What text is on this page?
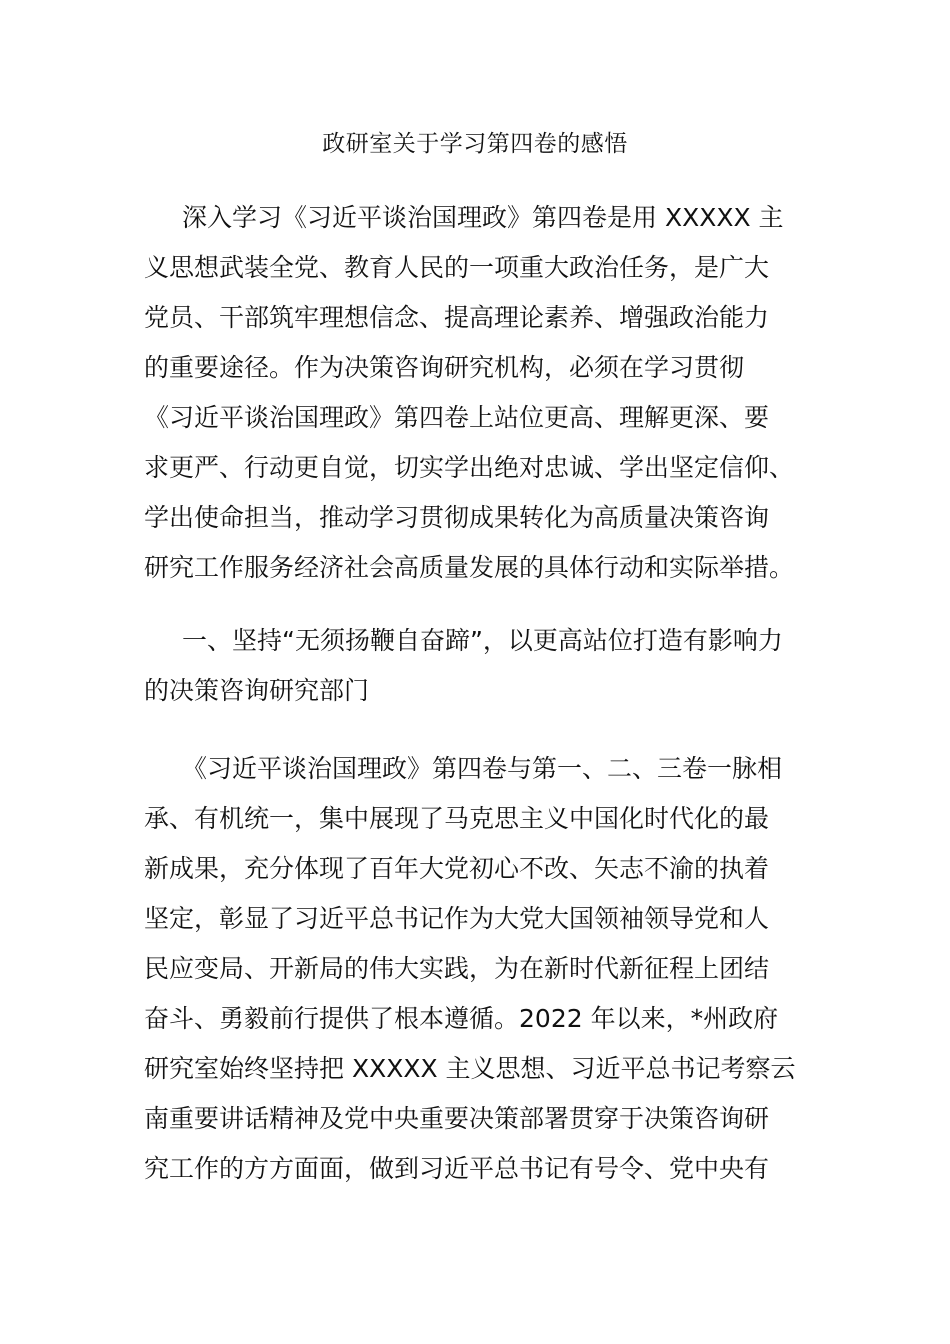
政研室关于学习第四卷的感悟
深入学习《习近平谈治国理政》第四卷是用 XXXXX 主
义思想武装全党、教育人民的一项重大政治任务，是广大
党员、干部筑牢理想信念、提高理论素养、增强政治能力
的重要途径。作为决策咨询研究机构，必须在学习贯彻
《习近平谈治国理政》第四卷上站位更高、理解更深、要
求更严、行动更自觉，切实学出绝对忠诚、学出坚定信仰、
学出使命担当，推动学习贯彻成果转化为高质量决策咨询
研究工作服务经济社会高质量发展的具体行动和实际举措。
一、坚持“无须扬鞭自奋蹄”，以更高站位打造有影响力
的决策咨询研究部门
《习近平谈治国理政》第四卷与第一、二、三卷一脉相
承、有机统一，集中展现了马克思主义中国化时代化的最
新成果，充分体现了百年大党初心不改、矢志不渝的执着
坚定，彰显了习近平总书记作为大党大国领袖领导党和人
民应变局、开新局的伟大实践，为在新时代新征程上团结
奋斗、勇毅前行提供了根本遵循。2022 年以来，*州政府
研究室始终坚持把 XXXXX 主义思想、习近平总书记考察云
南重要讲话精神及党中央重要决策部署贯穿于决策咨询研
究工作的方方面面，做到习近平总书记有号令、党中央有
